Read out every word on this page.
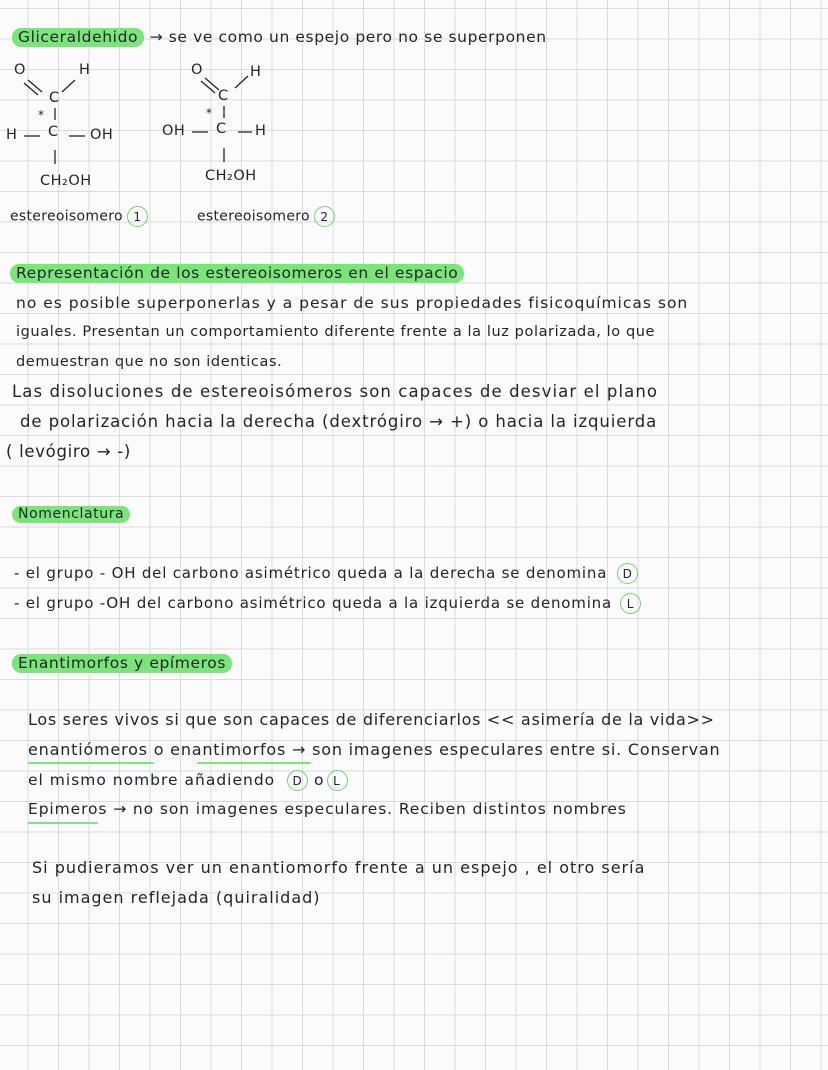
Gliceraldehido → se ve como un espejo pero no se superponen
O	H
C
*
H C OH
CH₂OH
estereoisomero 1
O	H
C
*
OH C H
CH₂OH
estereoisomero 2
Representación de los estereoisomeros en el espacio
no es posible superponerlas y a pesar de sus propiedades fisicoquímicas son
iguales. Presentan un comportamiento diferente frente a la luz polarizada, lo que
demuestran que no son identicas.
Las disoluciones de estereoisómeros son capaces de desviar el plano
de polarización hacia la derecha (dextrógiro → +) o hacia la izquierda
( levógiro → -)
Nomenclatura
- el grupo - OH del carbono asimétrico queda a la derecha se denomina D
- el grupo -OH del carbono asimétrico queda a la izquierda se denomina L
Enantimorfos y epímeros
Los seres vivos si que son capaces de diferenciarlos << asimería de la vida>>
enantiómeros o enantimorfos → son imagenes especulares entre si. Conservan
el mismo nombre añadiendo D o L
Epimeros → no son imagenes especulares. Reciben distintos nombres
Si pudieramos ver un enantiomorfo frente a un espejo , el otro sería
su imagen reflejada (quiralidad)
